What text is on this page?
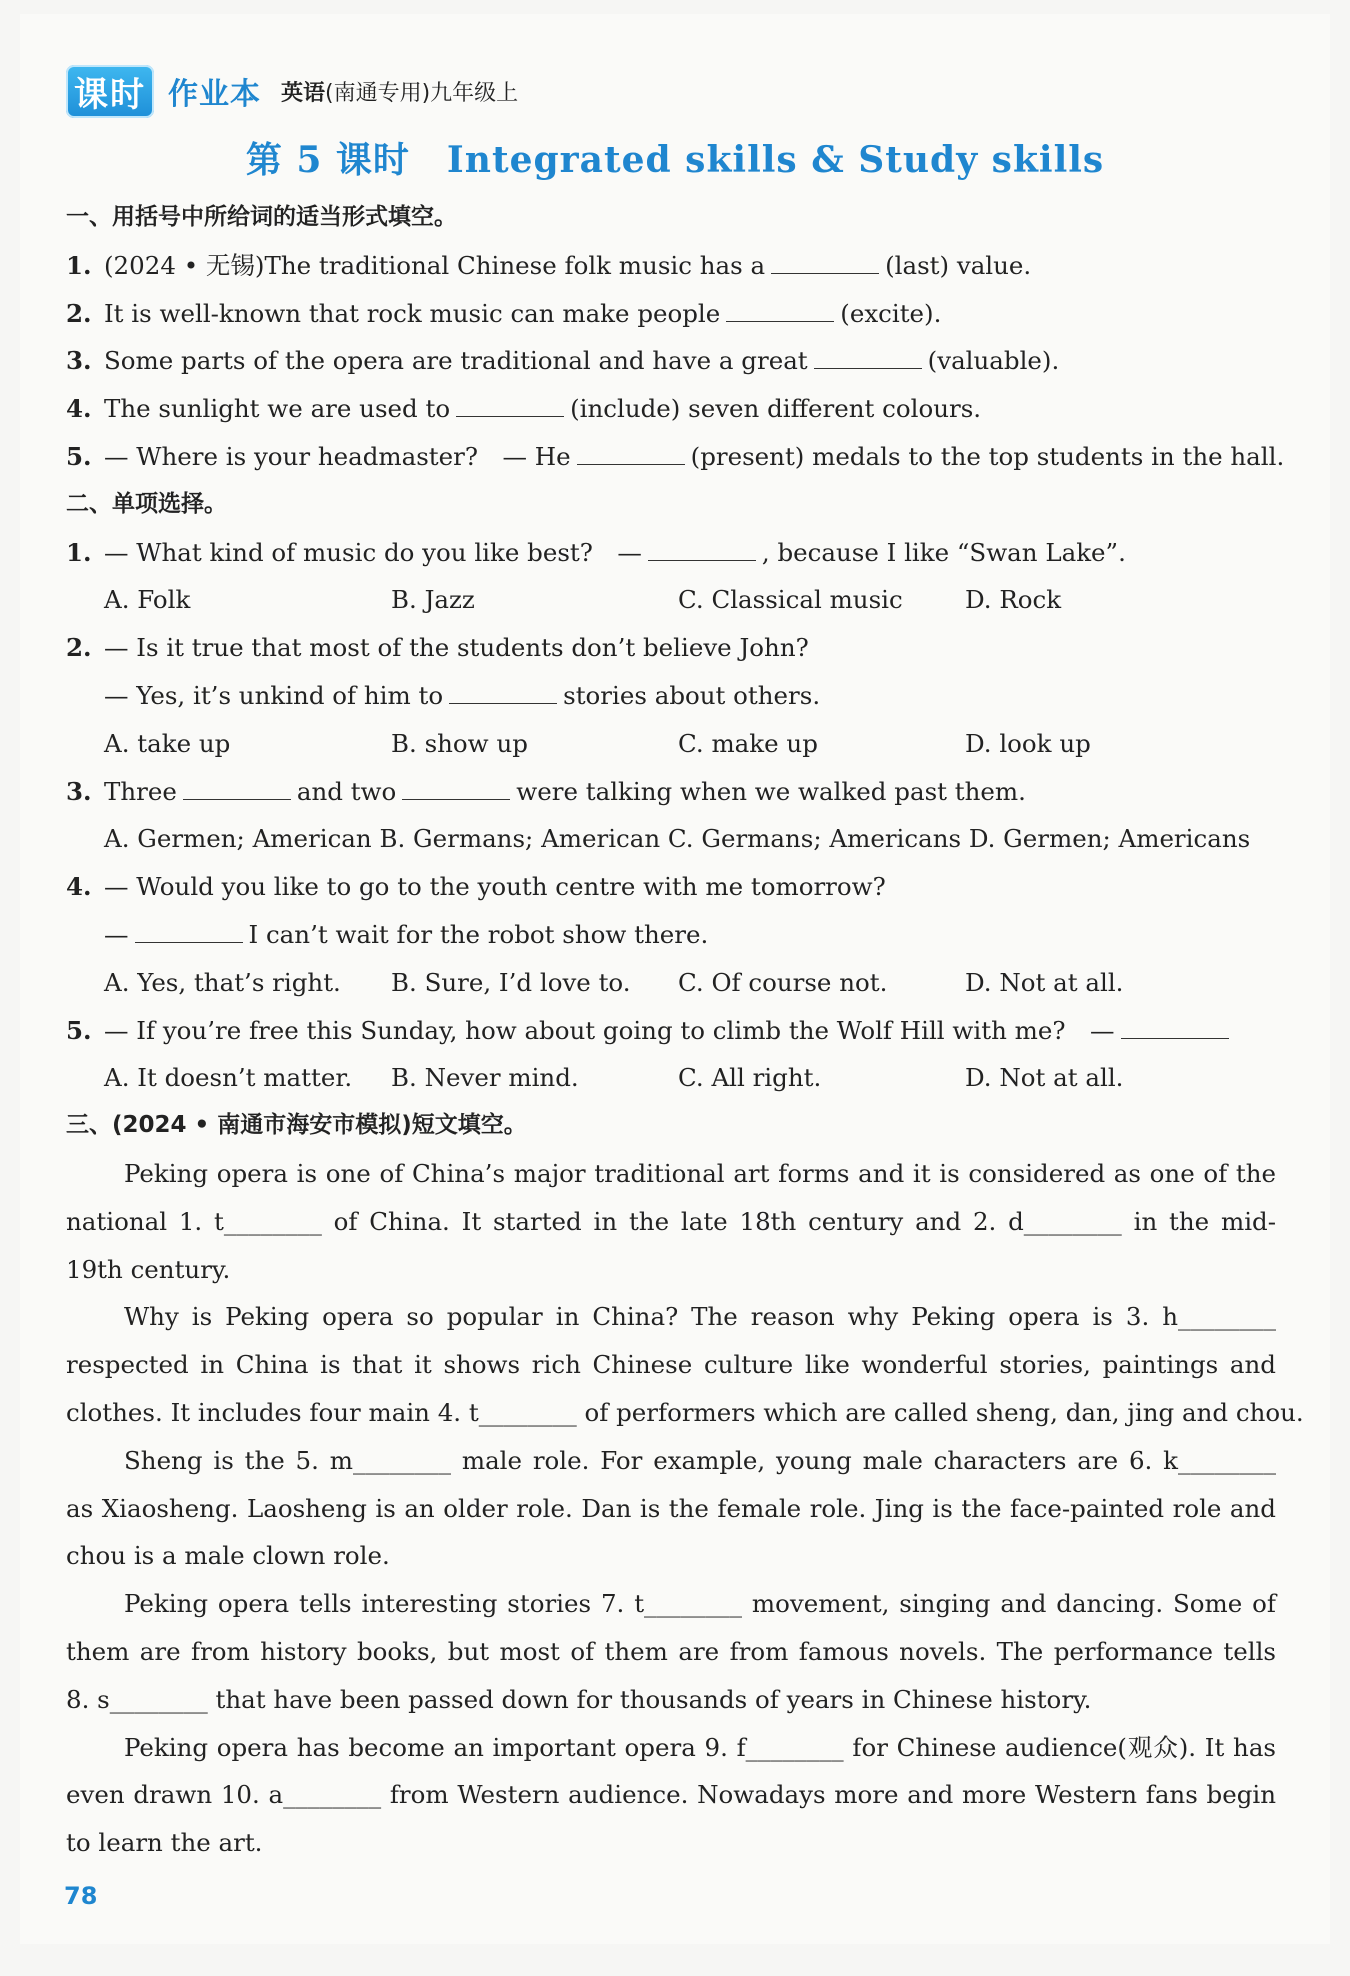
课时 作业本 英语(南通专用)九年级上
第 5 课时　Integrated skills & Study skills
一、用括号中所给词的适当形式填空。
1. (2024 • 无锡)The traditional Chinese folk music has a	(last) value.
2. It is well-known that rock music can make people	(excite).
3. Some parts of the opera are traditional and have a great	(valuable).
4. The sunlight we are used to	(include) seven different colours.
5. — Where is your headmaster?　— He	(present) medals to the top students in the hall.
二、单项选择。
1. — What kind of music do you like best?　—	, because I like “Swan Lake”.
A. Folk	B. Jazz	C. Classical music	D. Rock
2. — Is it true that most of the students don’t believe John?
— Yes, it’s unkind of him to	stories about others.
A. take up	B. show up	C. make up	D. look up
3. Three	and two	were talking when we walked past them.
A. Germen; American B. Germans; American C. Germans; Americans D. Germen; Americans
4. — Would you like to go to the youth centre with me tomorrow?
—	I can’t wait for the robot show there.
A. Yes, that’s right.	B. Sure, I’d love to.	C. Of course not.	D. Not at all.
5. — If you’re free this Sunday, how about going to climb the Wolf Hill with me?　—
A. It doesn’t matter.	B. Never mind.	C. All right.	D. Not at all.
三、(2024 • 南通市海安市模拟)短文填空。
Peking opera is one of China’s major traditional art forms and it is considered as one of the
national 1. t________ of China. It started in the late 18th century and 2. d________ in the mid-
19th century.
Why is Peking opera so popular in China? The reason why Peking opera is 3. h________
respected in China is that it shows rich Chinese culture like wonderful stories, paintings and
clothes. It includes four main 4. t________ of performers which are called sheng, dan, jing and chou.
Sheng is the 5. m________ male role. For example, young male characters are 6. k________
as Xiaosheng. Laosheng is an older role. Dan is the female role. Jing is the face-painted role and
chou is a male clown role.
Peking opera tells interesting stories 7. t________ movement, singing and dancing. Some of
them are from history books, but most of them are from famous novels. The performance tells
8. s________ that have been passed down for thousands of years in Chinese history.
Peking opera has become an important opera 9. f________ for Chinese audience(观众). It has
even drawn 10. a________ from Western audience. Nowadays more and more Western fans begin
to learn the art.
78
